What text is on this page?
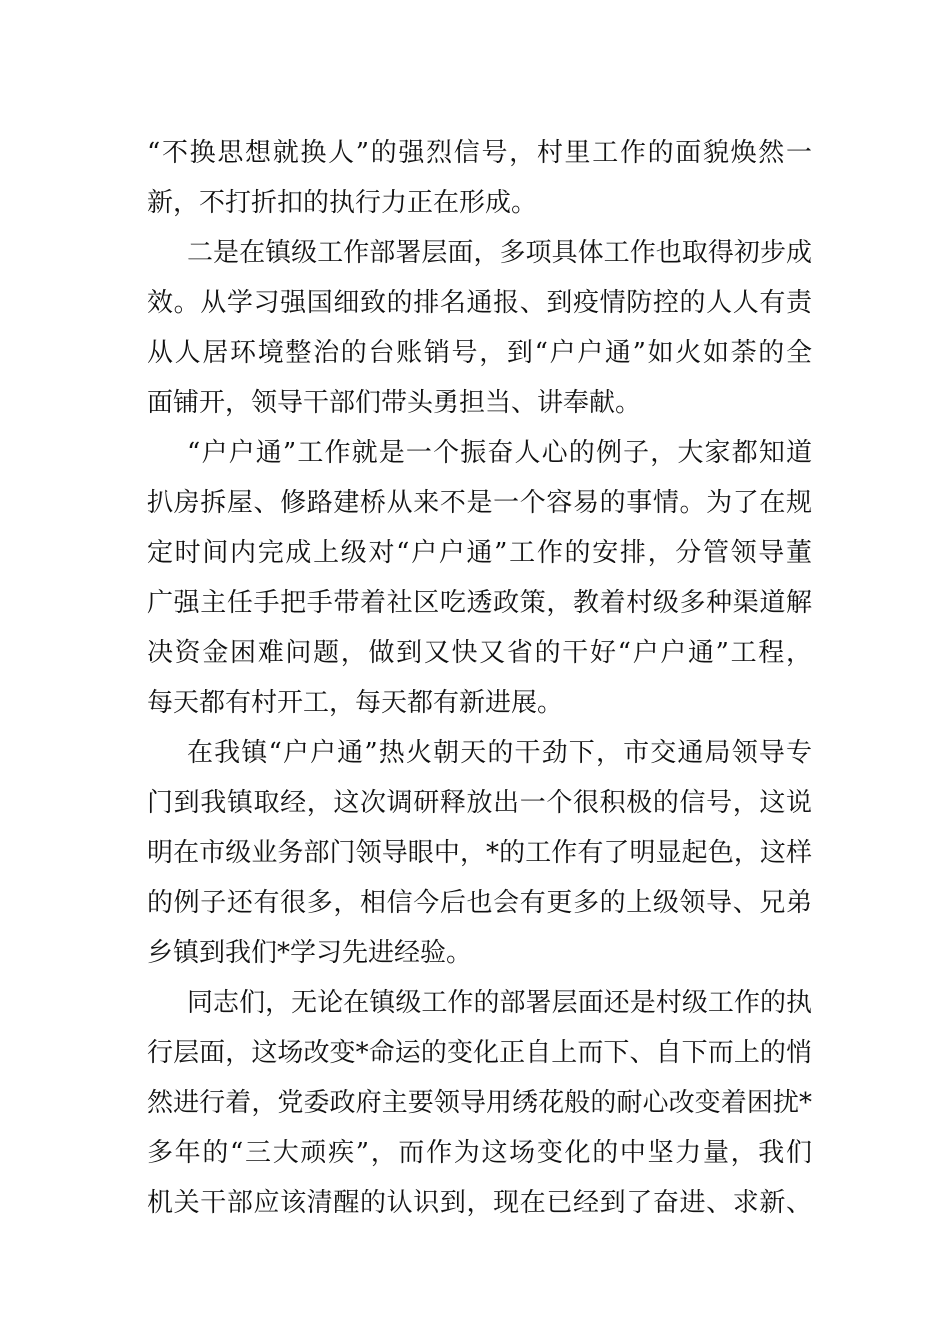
“不换思想就换人”的强烈信号，村里工作的面貌焕然一
新，不打折扣的执行力正在形成。
二是在镇级工作部署层面，多项具体工作也取得初步成
效。从学习强国细致的排名通报、到疫情防控的人人有责
从人居环境整治的台账销号，到“户户通”如火如荼的全
面铺开，领导干部们带头勇担当、讲奉献。
“户户通”工作就是一个振奋人心的例子，大家都知道
扒房拆屋、修路建桥从来不是一个容易的事情。为了在规
定时间内完成上级对“户户通”工作的安排，分管领导董
广强主任手把手带着社区吃透政策，教着村级多种渠道解
决资金困难问题，做到又快又省的干好“户户通”工程，
每天都有村开工，每天都有新进展。
在我镇“户户通”热火朝天的干劲下，市交通局领导专
门到我镇取经，这次调研释放出一个很积极的信号，这说
明在市级业务部门领导眼中，*的工作有了明显起色，这样
的例子还有很多，相信今后也会有更多的上级领导、兄弟
乡镇到我们*学习先进经验。
同志们，无论在镇级工作的部署层面还是村级工作的执
行层面，这场改变*命运的变化正自上而下、自下而上的悄
然进行着，党委政府主要领导用绣花般的耐心改变着困扰*
多年的“三大顽疾”，而作为这场变化的中坚力量，我们
机关干部应该清醒的认识到，现在已经到了奋进、求新、
